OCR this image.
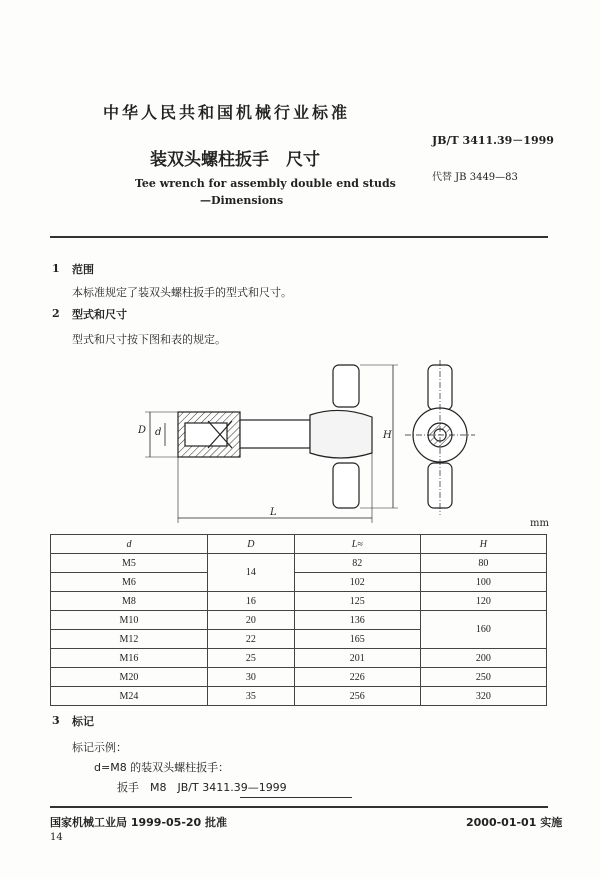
中华人民共和国机械行业标准
JB/T 3411.39－1999
装双头螺柱扳手　尺寸
代替 JB 3449—83
Tee wrench for assembly double end studs
—Dimensions
1 范围
本标准规定了装双头螺柱扳手的型式和尺寸。
2 型式和尺寸
型式和尺寸按下图和表的规定。
D d
L
H
mm
d	D	L≈	H
M5	14	82	80
M6		102	100
M8	16	125	120
M10	20	136	160
M12	22	165	
M16	25	201	200
M20	30	226	250
M24	35	256	320
3 标记
标记示例：
d=M8 的装双头螺柱扳手：
扳手　M8　JB/T 3411.39—1999
国家机械工业局 1999-05-20 批准	2000-01-01 实施
14
